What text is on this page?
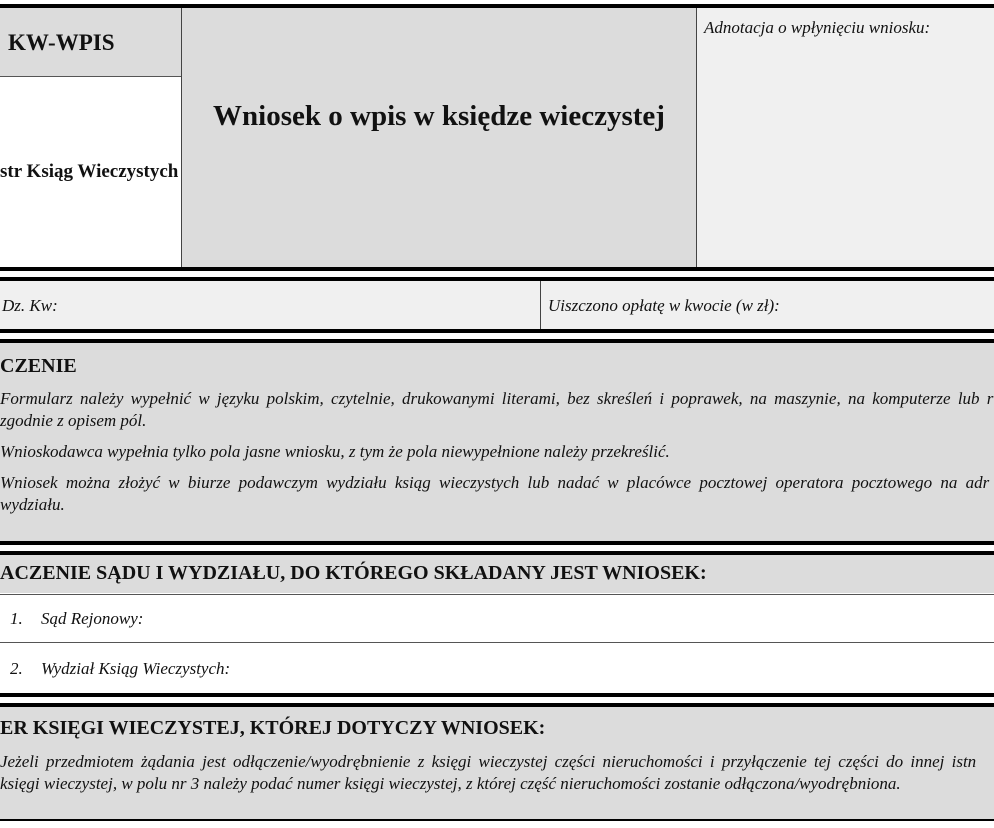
KW-WPIS
str Ksiąg Wieczystych
Wniosek o wpis w księdze wieczystej
Adnotacja o wpłynięciu wniosku:
Dz. Kw:	Uiszczono opłatę w kwocie (w zł):
CZENIE

Formularz należy wypełnić w języku polskim, czytelnie, drukowanymi literami, bez skreśleń i poprawek, na maszynie, na komputerze lub r

zgodnie z opisem pól.

Wnioskodawca wypełnia tylko pola jasne wniosku, z tym że pola niewypełnione należy przekreślić.

Wniosek można złożyć w biurze podawczym wydziału ksiąg wieczystych lub nadać w placówce pocztowej operatora pocztowego na adr

wydziału.

ACZENIE SĄDU I WYDZIAŁU, DO KTÓREGO SKŁADANY JEST WNIOSEK:
1. Sąd Rejonowy:
2. Wydział Ksiąg Wieczystych:
ER KSIĘGI WIECZYSTEJ, KTÓREJ DOTYCZY WNIOSEK:

Jeżeli przedmiotem żądania jest odłączenie/wyodrębnienie z księgi wieczystej części nieruchomości i przyłączenie tej części do innej istn

księgi wieczystej, w polu nr 3 należy podać numer księgi wieczystej, z której część nieruchomości zostanie odłączona/wyodrębniona.
